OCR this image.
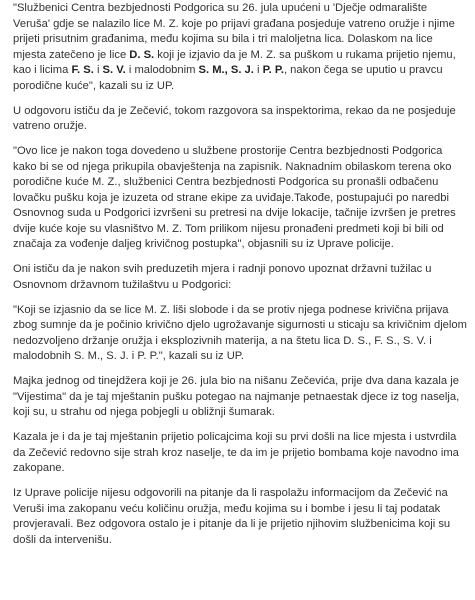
"Službenici Centra bezbjednosti Podgorica su 26. jula upućeni u 'Dječje odmaralište Veruša' gdje se nalazilo lice M. Z. koje po prijavi građana posjeduje vatreno oružje i njime prijeti prisutnim građanima, među kojima su bila i tri maloljetna lica. Dolaskom na lice mjesta zatečeno je lice D. S. koji je izjavio da je M. Z. sa puškom u rukama prijetio njemu, kao i licima F. S. i S. V. i malodobnim S. M., S. J. i P. P., nakon čega se uputio u pravcu porodične kuće", kazali su iz UP.

U odgovoru ističu da je Zečević, tokom razgovora sa inspektorima, rekao da ne posjeduje vatreno oružje.

"Ovo lice je nakon toga dovedeno u službene prostorije Centra bezbjednosti Podgorica kako bi se od njega prikupila obavještenja na zapisnik. Naknadnim obilaskom terena oko porodične kuće M. Z., službenici Centra bezbjednosti Podgorica su pronašli odbačenu lovačku pušku koja je izuzeta od strane ekipe za uviđaje.Takođe, postupajući po naredbi Osnovnog suda u Podgorici izvršeni su pretresi na dvije lokacije, tačnije izvršen je pretres dvije kuće koje su vlasništvo M. Z. Tom prilikom nijesu pronađeni predmeti koji bi bili od značaja za vođenje daljeg krivičnog postupka", objasnili su iz Uprave policije.

Oni ističu da je nakon svih preduzetih mjera i radnji ponovo upoznat državni tužilac u Osnovnom državnom tužilaštvu u Podgorici:

"Koji se izjasnio da se lice M. Z. liši slobode i da se protiv njega podnese krivična prijava zbog sumnje da je počinio krivično djelo ugrožavanje sigurnosti u sticaju sa krivičnim djelom nedozvoljeno držanje oružja i eksplozivnih materija, a na štetu lica D. S., F. S., S. V. i malodobnih S. M., S. J. i P. P.", kazali su iz UP.

Majka jednog od tinejdžera koji je 26. jula bio na nišanu Zečevića, prije dva dana kazala je "Vijestima" da je taj mještanin pušku potegao na najmanje petnaestak djece iz tog naselja, koji su, u strahu od njega pobjegli u obližnji šumarak.

Kazala je i da je taj mještanin prijetio policajcima koji su prvi došli na lice mjesta i ustvrdila da Zečević redovno sije strah kroz naselje, te da im je prijetio bombama koje navodno ima zakopane.

Iz Uprave policije nijesu odgovorili na pitanje da li raspolažu informacijom da Zečević na Veruši ima zakopanu veću količinu oružja, među kojima su i bombe i jesu li taj podatak provjeravali. Bez odgovora ostalo je i pitanje da li je prijetio njihovim službenicima koji su došli da intervenišu.
